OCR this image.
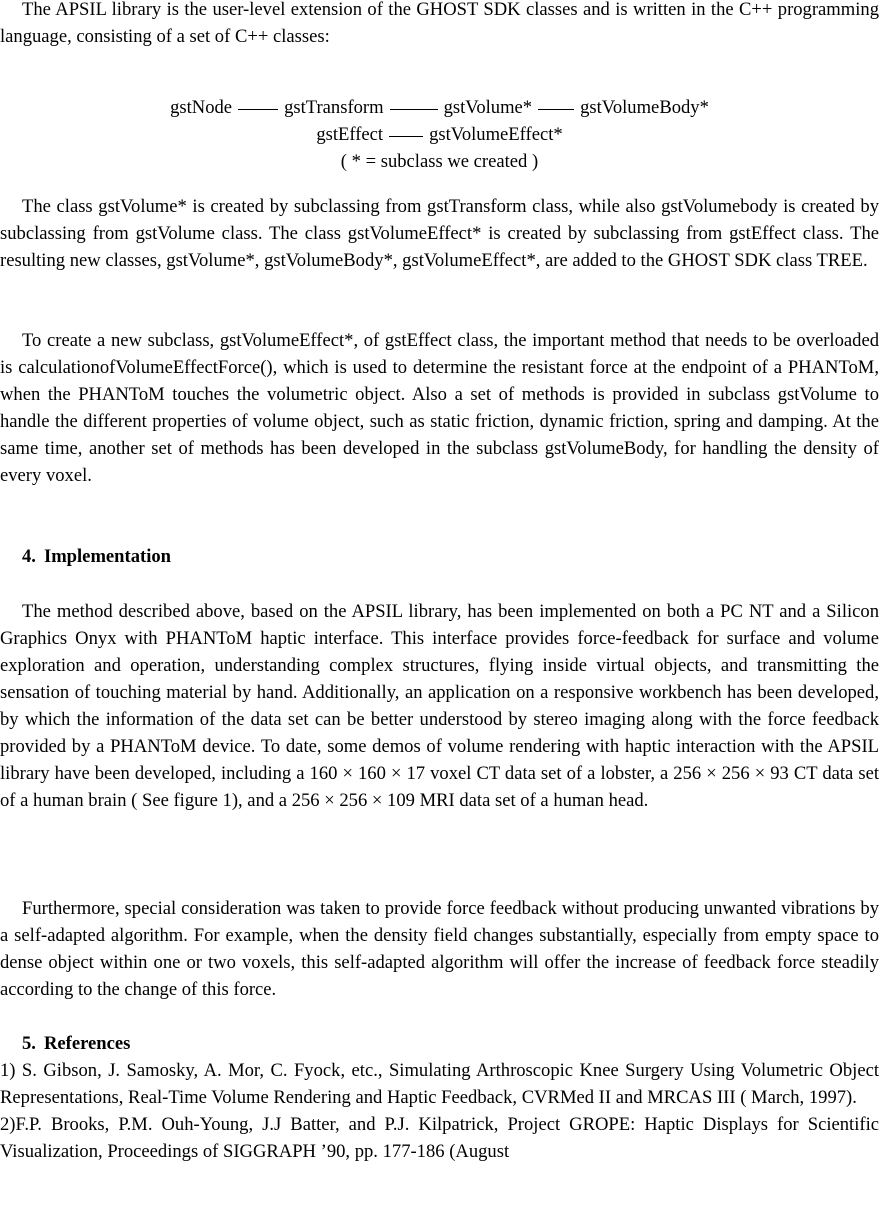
The APSIL library is the user-level extension of the GHOST SDK classes and is written in the C++ programming language, consisting of a set of C++ classes:

gstNode	gstTransform	gstVolume*	gstVolumeBody*
gstEffect gstVolumeEffect*
( * = subclass we created )

The class gstVolume* is created by subclassing from gstTransform class, while also gstVolumebody is created by subclassing from gstVolume class. The class gstVolumeEffect* is created by subclassing from gstEffect class. The resulting new classes, gstVolume*, gstVolumeBody*, gstVolumeEffect*, are added to the GHOST SDK class TREE.

To create a new subclass, gstVolumeEffect*, of gstEffect class, the important method that needs to be overloaded is calculationofVolumeEffectForce(), which is used to determine the resistant force at the endpoint of a PHANToM, when the PHANToM touches the volumetric object. Also a set of methods is provided in subclass gstVolume to handle the different properties of volume object, such as static friction, dynamic friction, spring and damping. At the same time, another set of methods has been developed in the subclass gstVolumeBody, for handling the density of every voxel.

4. Implementation

The method described above, based on the APSIL library, has been implemented on both a PC NT and a Silicon Graphics Onyx with PHANToM haptic interface. This interface provides force-feedback for surface and volume exploration and operation, understanding complex structures, flying inside virtual objects, and transmitting the sensation of touching material by hand. Additionally, an application on a responsive workbench has been developed, by which the information of the data set can be better understood by stereo imaging along with the force feedback provided by a PHANToM device. To date, some demos of volume rendering with haptic interaction with the APSIL library have been developed, including a 160 × 160 × 17 voxel CT data set of a lobster, a 256 × 256 × 93 CT data set of a human brain ( See figure 1), and a 256 × 256 × 109 MRI data set of a human head.

Furthermore, special consideration was taken to provide force feedback without producing unwanted vibrations by a self-adapted algorithm. For example, when the density field changes substantially, especially from empty space to dense object within one or two voxels, this self-adapted algorithm will offer the increase of feedback force steadily according to the change of this force.

5. References

1) S. Gibson, J. Samosky, A. Mor, C. Fyock, etc., Simulating Arthroscopic Knee Surgery Using Volumetric Object Representations, Real-Time Volume Rendering and Haptic Feedback, CVRMed II and MRCAS III ( March, 1997).

2)F.P. Brooks, P.M. Ouh-Young, J.J Batter, and P.J. Kilpatrick, Project GROPE: Haptic Displays for Scientific Visualization, Proceedings of SIGGRAPH ’90, pp. 177-186 (August
